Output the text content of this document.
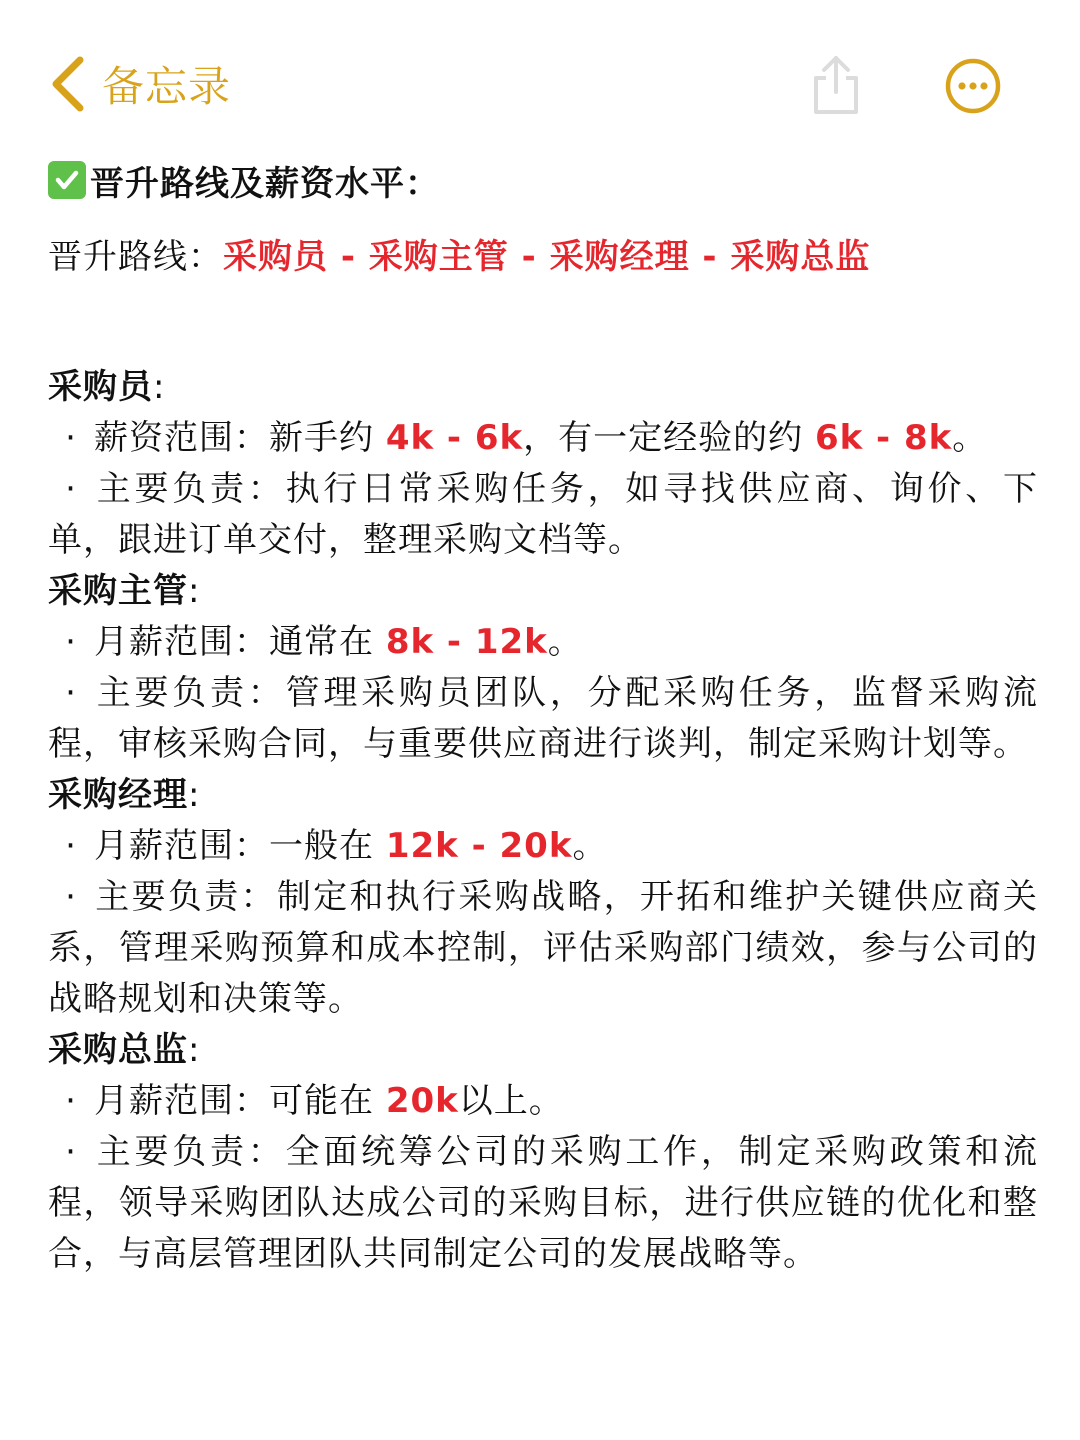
备忘录
晋升路线及薪资水平：
晋升路线：采购员 - 采购主管 - 采购经理 - 采购总监
采购员:
· 薪资范围：新手约 4k - 6k，有一定经验的约 6k - 8k。
· 主要负责：执行日常采购任务，如寻找供应商、询价、下单，跟进订单交付，整理采购文档等。
采购主管:
· 月薪范围：通常在 8k - 12k。
· 主要负责：管理采购员团队，分配采购任务，监督采购流程，审核采购合同，与重要供应商进行谈判，制定采购计划等。
采购经理:
· 月薪范围：一般在 12k - 20k。
· 主要负责：制定和执行采购战略，开拓和维护关键供应商关系，管理采购预算和成本控制，评估采购部门绩效，参与公司的战略规划和决策等。
采购总监:
· 月薪范围：可能在 20k以上。
· 主要负责：全面统筹公司的采购工作，制定采购政策和流程，领导采购团队达成公司的采购目标，进行供应链的优化和整合，与高层管理团队共同制定公司的发展战略等。
